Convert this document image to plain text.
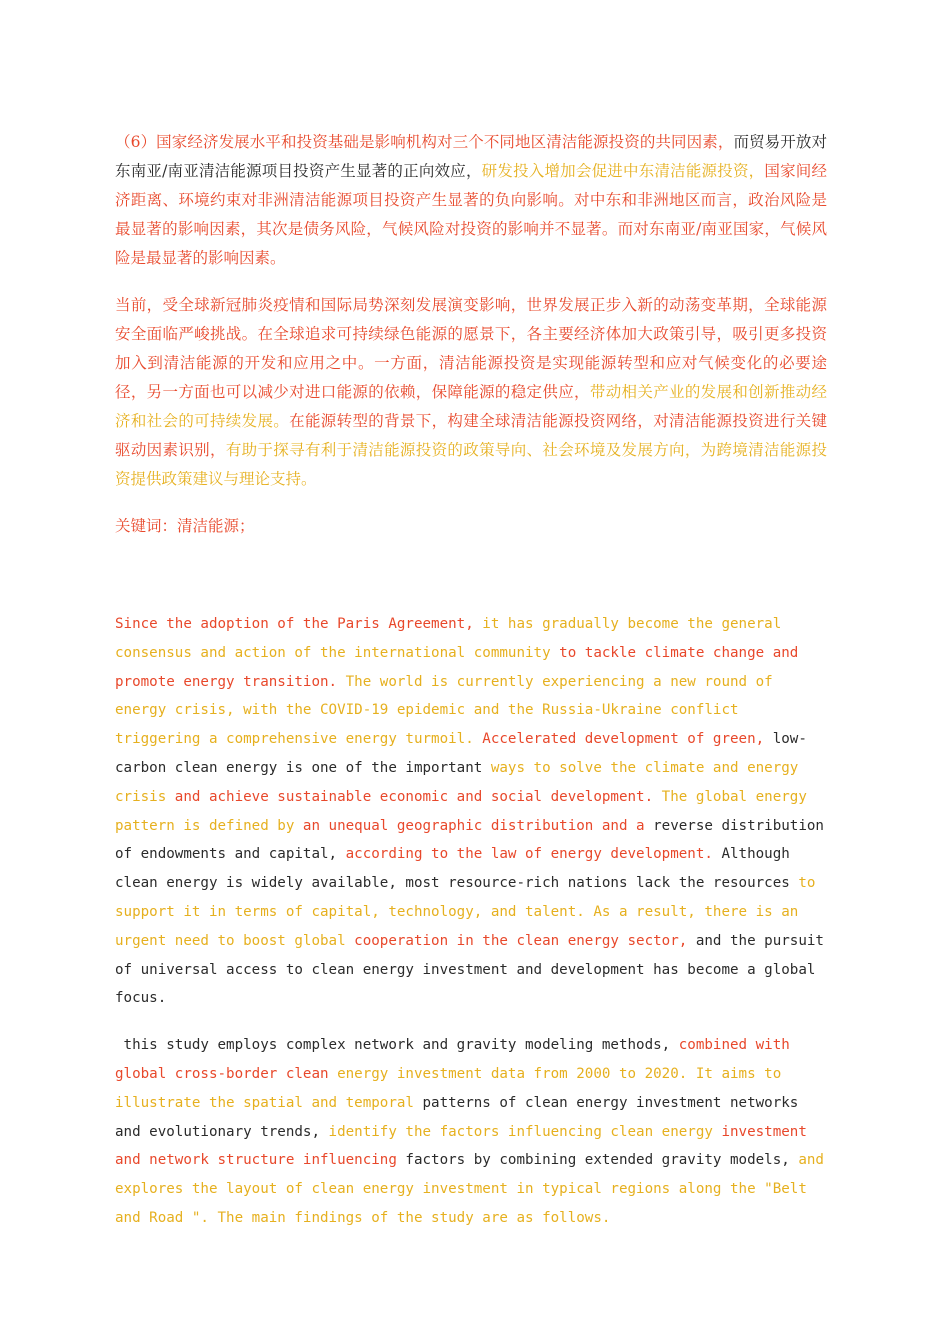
（6）国家经济发展水平和投资基础是影响机构对三个不同地区清洁能源投资的共同因素，而贸易开放对东南亚/南亚清洁能源项目投资产生显著的正向效应，研发投入增加会促进中东清洁能源投资，国家间经济距离、环境约束对非洲清洁能源项目投资产生显著的负向影响。对中东和非洲地区而言，政治风险是最显著的影响因素，其次是债务风险，气候风险对投资的影响并不显著。而对东南亚/南亚国家，气候风险是最显著的影响因素。

当前，受全球新冠肺炎疫情和国际局势深刻发展演变影响，世界发展正步入新的动荡变革期，全球能源安全面临严峻挑战。在全球追求可持续绿色能源的愿景下，各主要经济体加大政策引导，吸引更多投资加入到清洁能源的开发和应用之中。一方面，清洁能源投资是实现能源转型和应对气候变化的必要途径，另一方面也可以减少对进口能源的依赖，保障能源的稳定供应，带动相关产业的发展和创新推动经济和社会的可持续发展。在能源转型的背景下，构建全球清洁能源投资网络，对清洁能源投资进行关键驱动因素识别，有助于探寻有利于清洁能源投资的政策导向、社会环境及发展方向，为跨境清洁能源投资提供政策建议与理论支持。

关键词：清洁能源；

Since the adoption of the Paris Agreement, it has gradually become the general consensus and action of the international community to tackle climate change and promote energy transition. The world is currently experiencing a new round of energy crisis, with the COVID-19 epidemic and the Russia-Ukraine conflict triggering a comprehensive energy turmoil. Accelerated development of green, low-carbon clean energy is one of the important ways to solve the climate and energy crisis and achieve sustainable economic and social development. The global energy pattern is defined by an unequal geographic distribution and a reverse distribution of endowments and capital, according to the law of energy development. Although clean energy is widely available, most resource-rich nations lack the resources to support it in terms of capital, technology, and talent. As a result, there is an urgent need to boost global cooperation in the clean energy sector, and the pursuit of universal access to clean energy investment and development has become a global focus.

this study employs complex network and gravity modeling methods, combined with global cross-border clean energy investment data from 2000 to 2020. It aims to illustrate the spatial and temporal patterns of clean energy investment networks and evolutionary trends, identify the factors influencing clean energy investment and network structure influencing factors by combining extended gravity models, and explores the layout of clean energy investment in typical regions along the "Belt and Road ". The main findings of the study are as follows.
